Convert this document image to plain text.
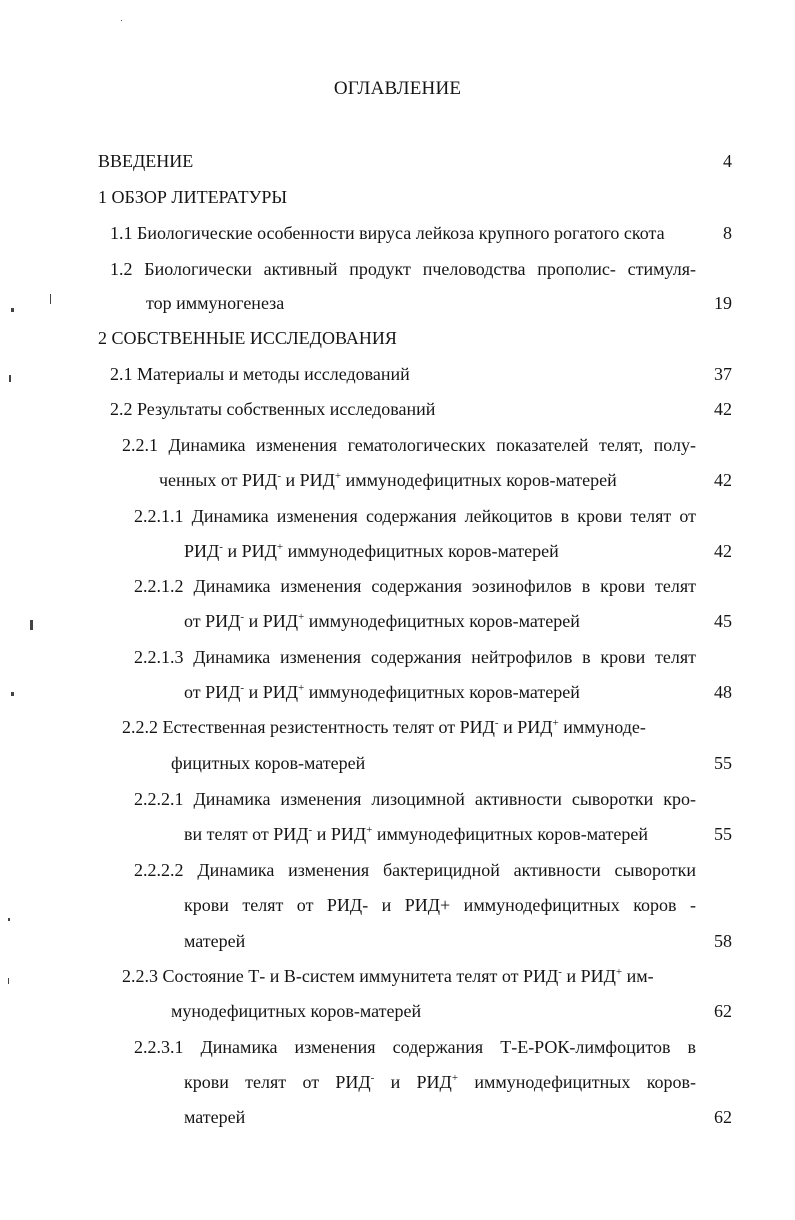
ОГЛАВЛЕНИЕ
ВВЕДЕНИЕ	4
1 ОБЗОР ЛИТЕРАТУРЫ
1.1 Биологические особенности вируса лейкоза крупного рогатого скота	8
1.2 Биологически активный продукт пчеловодства прополис- стимуля-
тор иммуногенеза	19
2 СОБСТВЕННЫЕ ИССЛЕДОВАНИЯ
2.1 Материалы и методы исследований	37
2.2 Результаты собственных исследований	42
2.2.1 Динамика изменения гематологических показателей телят, полу-
ченных от РИД- и РИД+ иммунодефицитных коров-матерей	42
2.2.1.1 Динамика изменения содержания лейкоцитов в крови телят от
РИД- и РИД+ иммунодефицитных коров-матерей	42
2.2.1.2 Динамика изменения содержания эозинофилов в крови телят
от РИД- и РИД+ иммунодефицитных коров-матерей	45
2.2.1.3 Динамика изменения содержания нейтрофилов в крови телят
от РИД- и РИД+ иммунодефицитных коров-матерей	48
2.2.2 Естественная резистентность телят от РИД- и РИД+ иммуноде-
фицитных коров-матерей	55
2.2.2.1 Динамика изменения лизоцимной активности сыворотки кро-
ви телят от РИД- и РИД+ иммунодефицитных коров-матерей	55
2.2.2.2 Динамика изменения бактерицидной активности сыворотки
крови телят от РИД- и РИД+ иммунодефицитных коров -
матерей	58
2.2.3 Состояние Т- и В-систем иммунитета телят от РИД- и РИД+ им-
мунодефицитных коров-матерей	62
2.2.3.1 Динамика изменения содержания Т-Е-РОК-лимфоцитов в
крови телят от РИД- и РИД+ иммунодефицитных коров-
матерей	62
